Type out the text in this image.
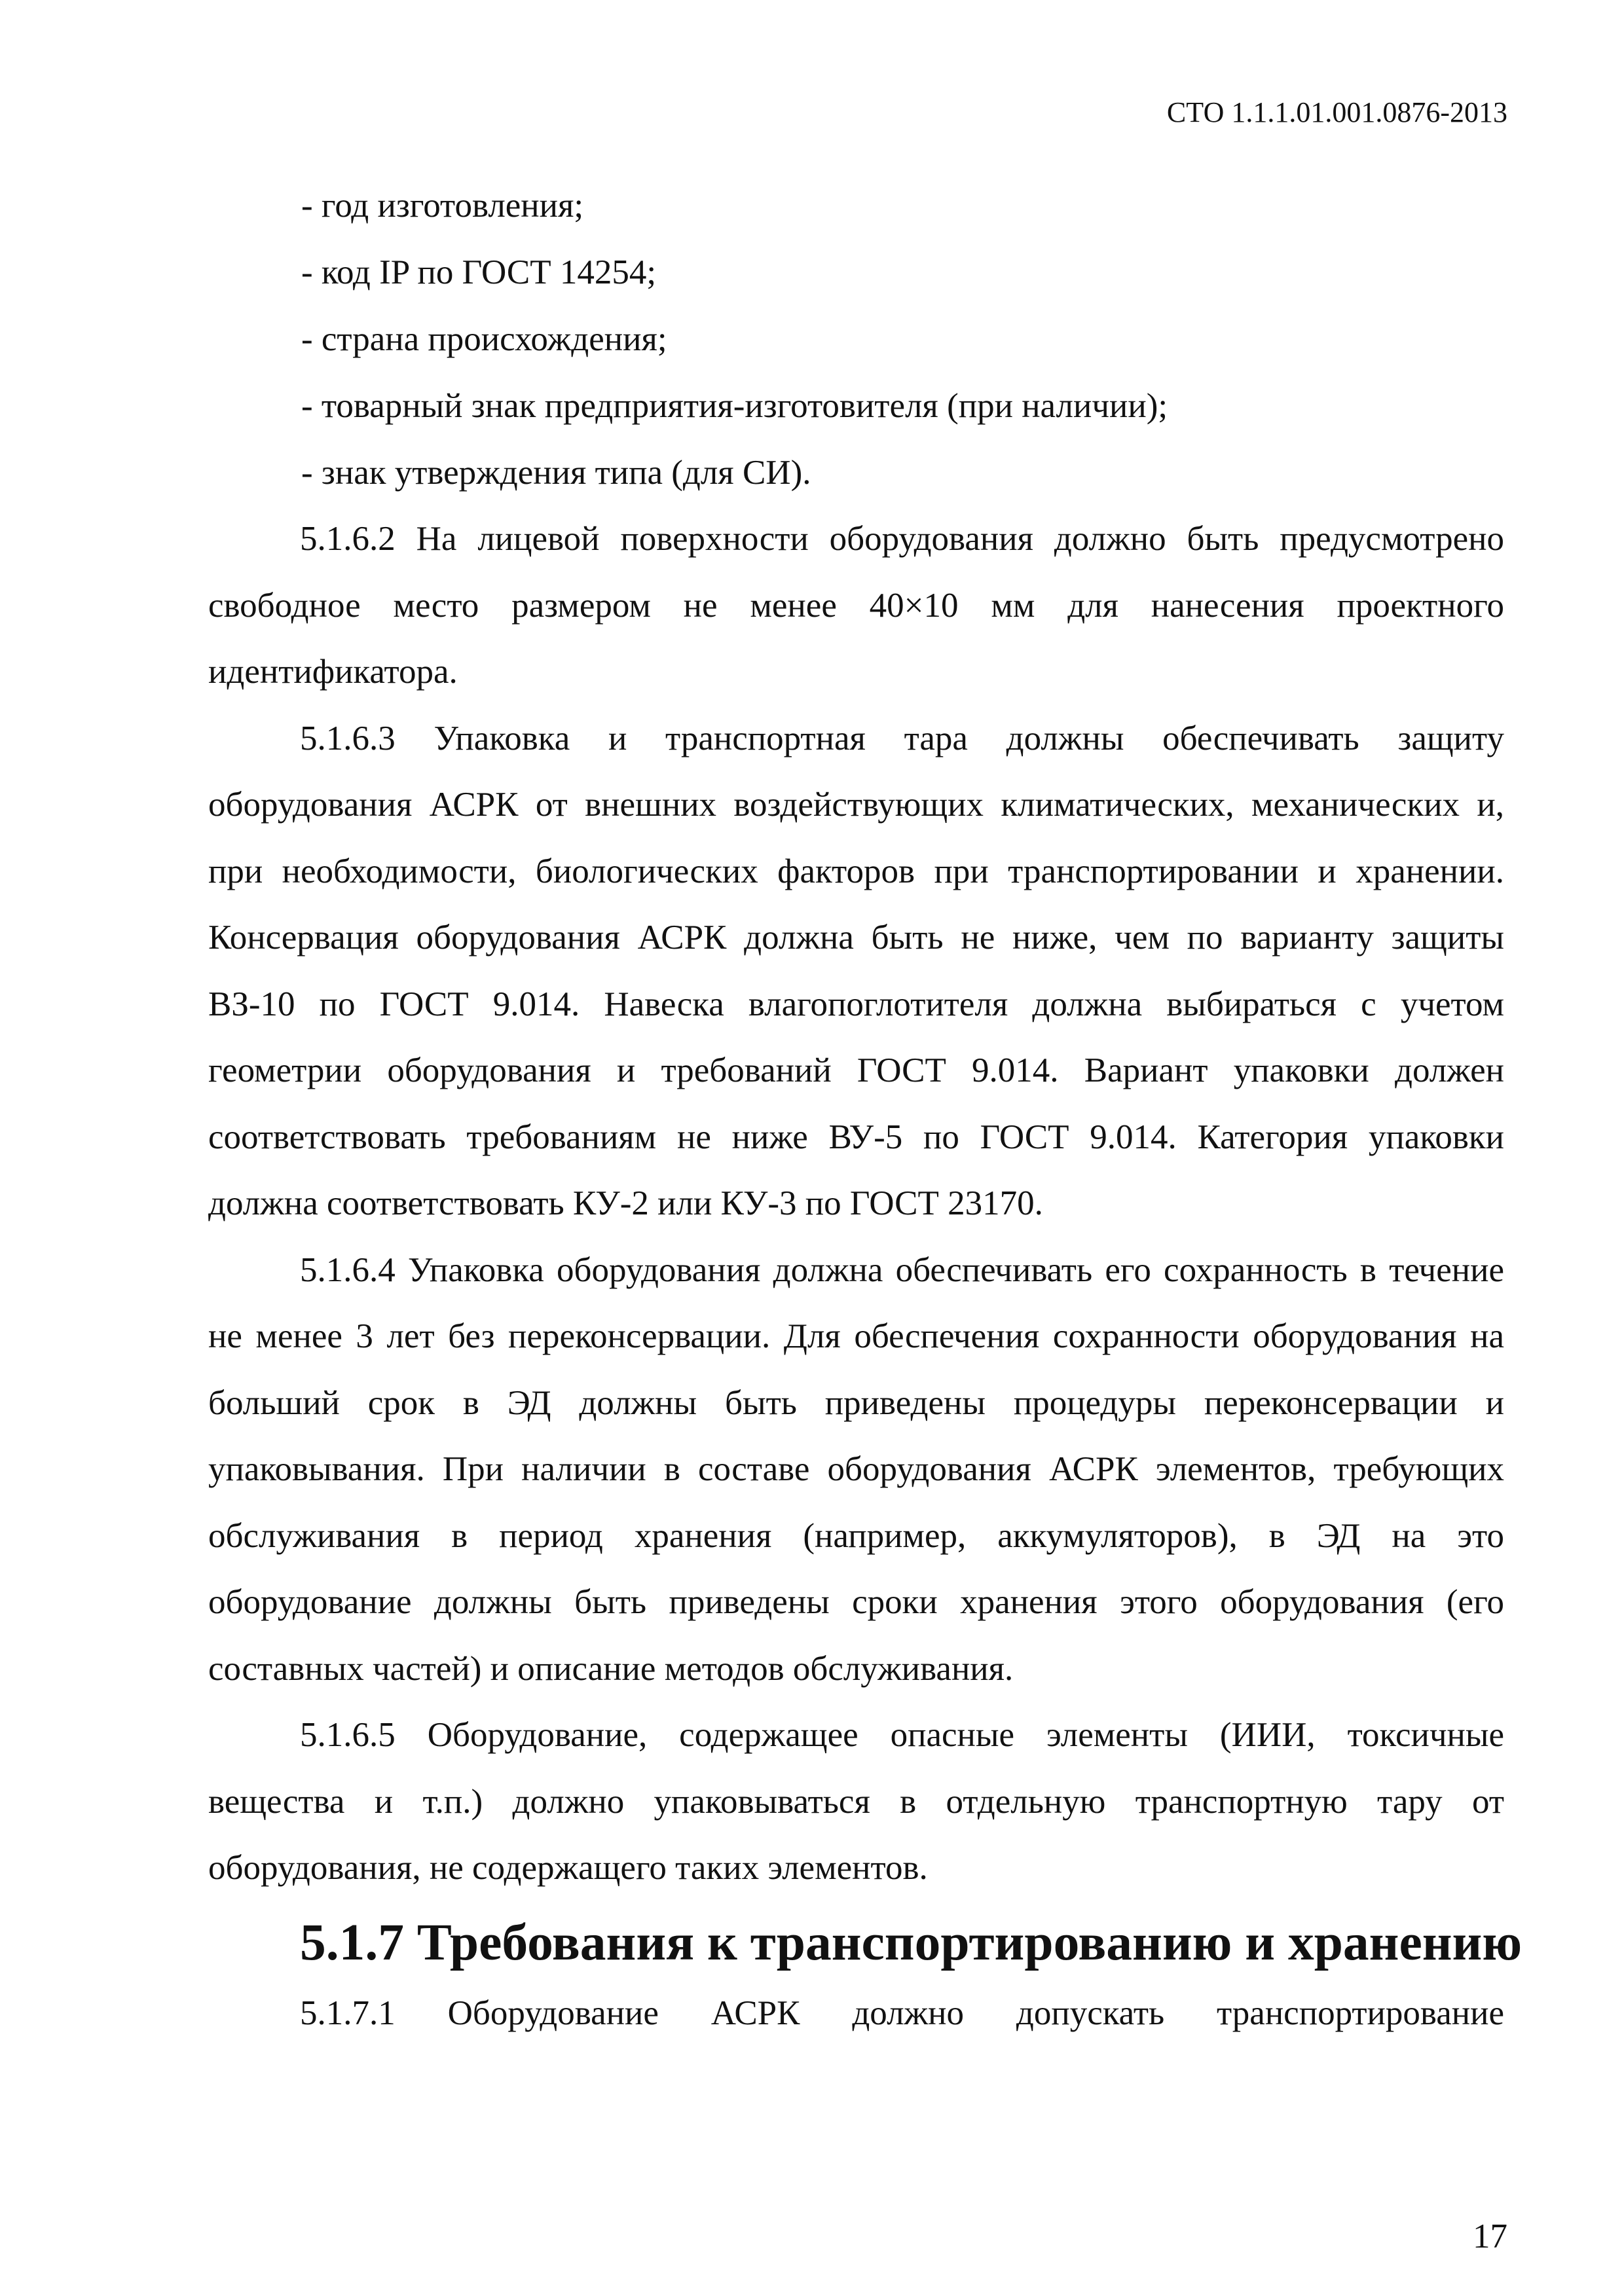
СТО 1.1.1.01.001.0876-2013
- год изготовления;
- код IP по ГОСТ 14254;
- страна происхождения;
- товарный знак предприятия-изготовителя (при наличии);
- знак утверждения типа (для СИ).

5.1.6.2 На лицевой поверхности оборудования должно быть предусмотрено свободное место размером не менее 40×10 мм для нанесения проектного идентификатора.

5.1.6.3 Упаковка и транспортная тара должны обеспечивать защиту оборудования АСРК от внешних воздействующих климатических, механических и, при необходимости, биологических факторов при транспортировании и хранении. Консервация оборудования АСРК должна быть не ниже, чем по варианту защиты ВЗ-10 по ГОСТ 9.014. Навеска влагопоглотителя должна выбираться с учетом геометрии оборудования и требований ГОСТ 9.014. Вариант упаковки должен соответствовать требованиям не ниже ВУ-5 по ГОСТ 9.014. Категория упаковки должна соответствовать КУ-2 или КУ-3 по ГОСТ 23170.

5.1.6.4 Упаковка оборудования должна обеспечивать его сохранность в течение не менее 3 лет без переконсервации. Для обеспечения сохранности оборудования на больший срок в ЭД должны быть приведены процедуры переконсервации и упаковывания. При наличии в составе оборудования АСРК элементов, требующих обслуживания в период хранения (например, аккумуляторов), в ЭД на это оборудование должны быть приведены сроки хранения этого оборудования (его составных частей) и описание методов обслуживания.

5.1.6.5 Оборудование, содержащее опасные элементы (ИИИ, токсичные вещества и т.п.) должно упаковываться в отдельную транспортную тару от оборудования, не содержащего таких элементов.

5.1.7 Требования к транспортированию и хранению

5.1.7.1 Оборудование АСРК должно допускать транспортирование

17
